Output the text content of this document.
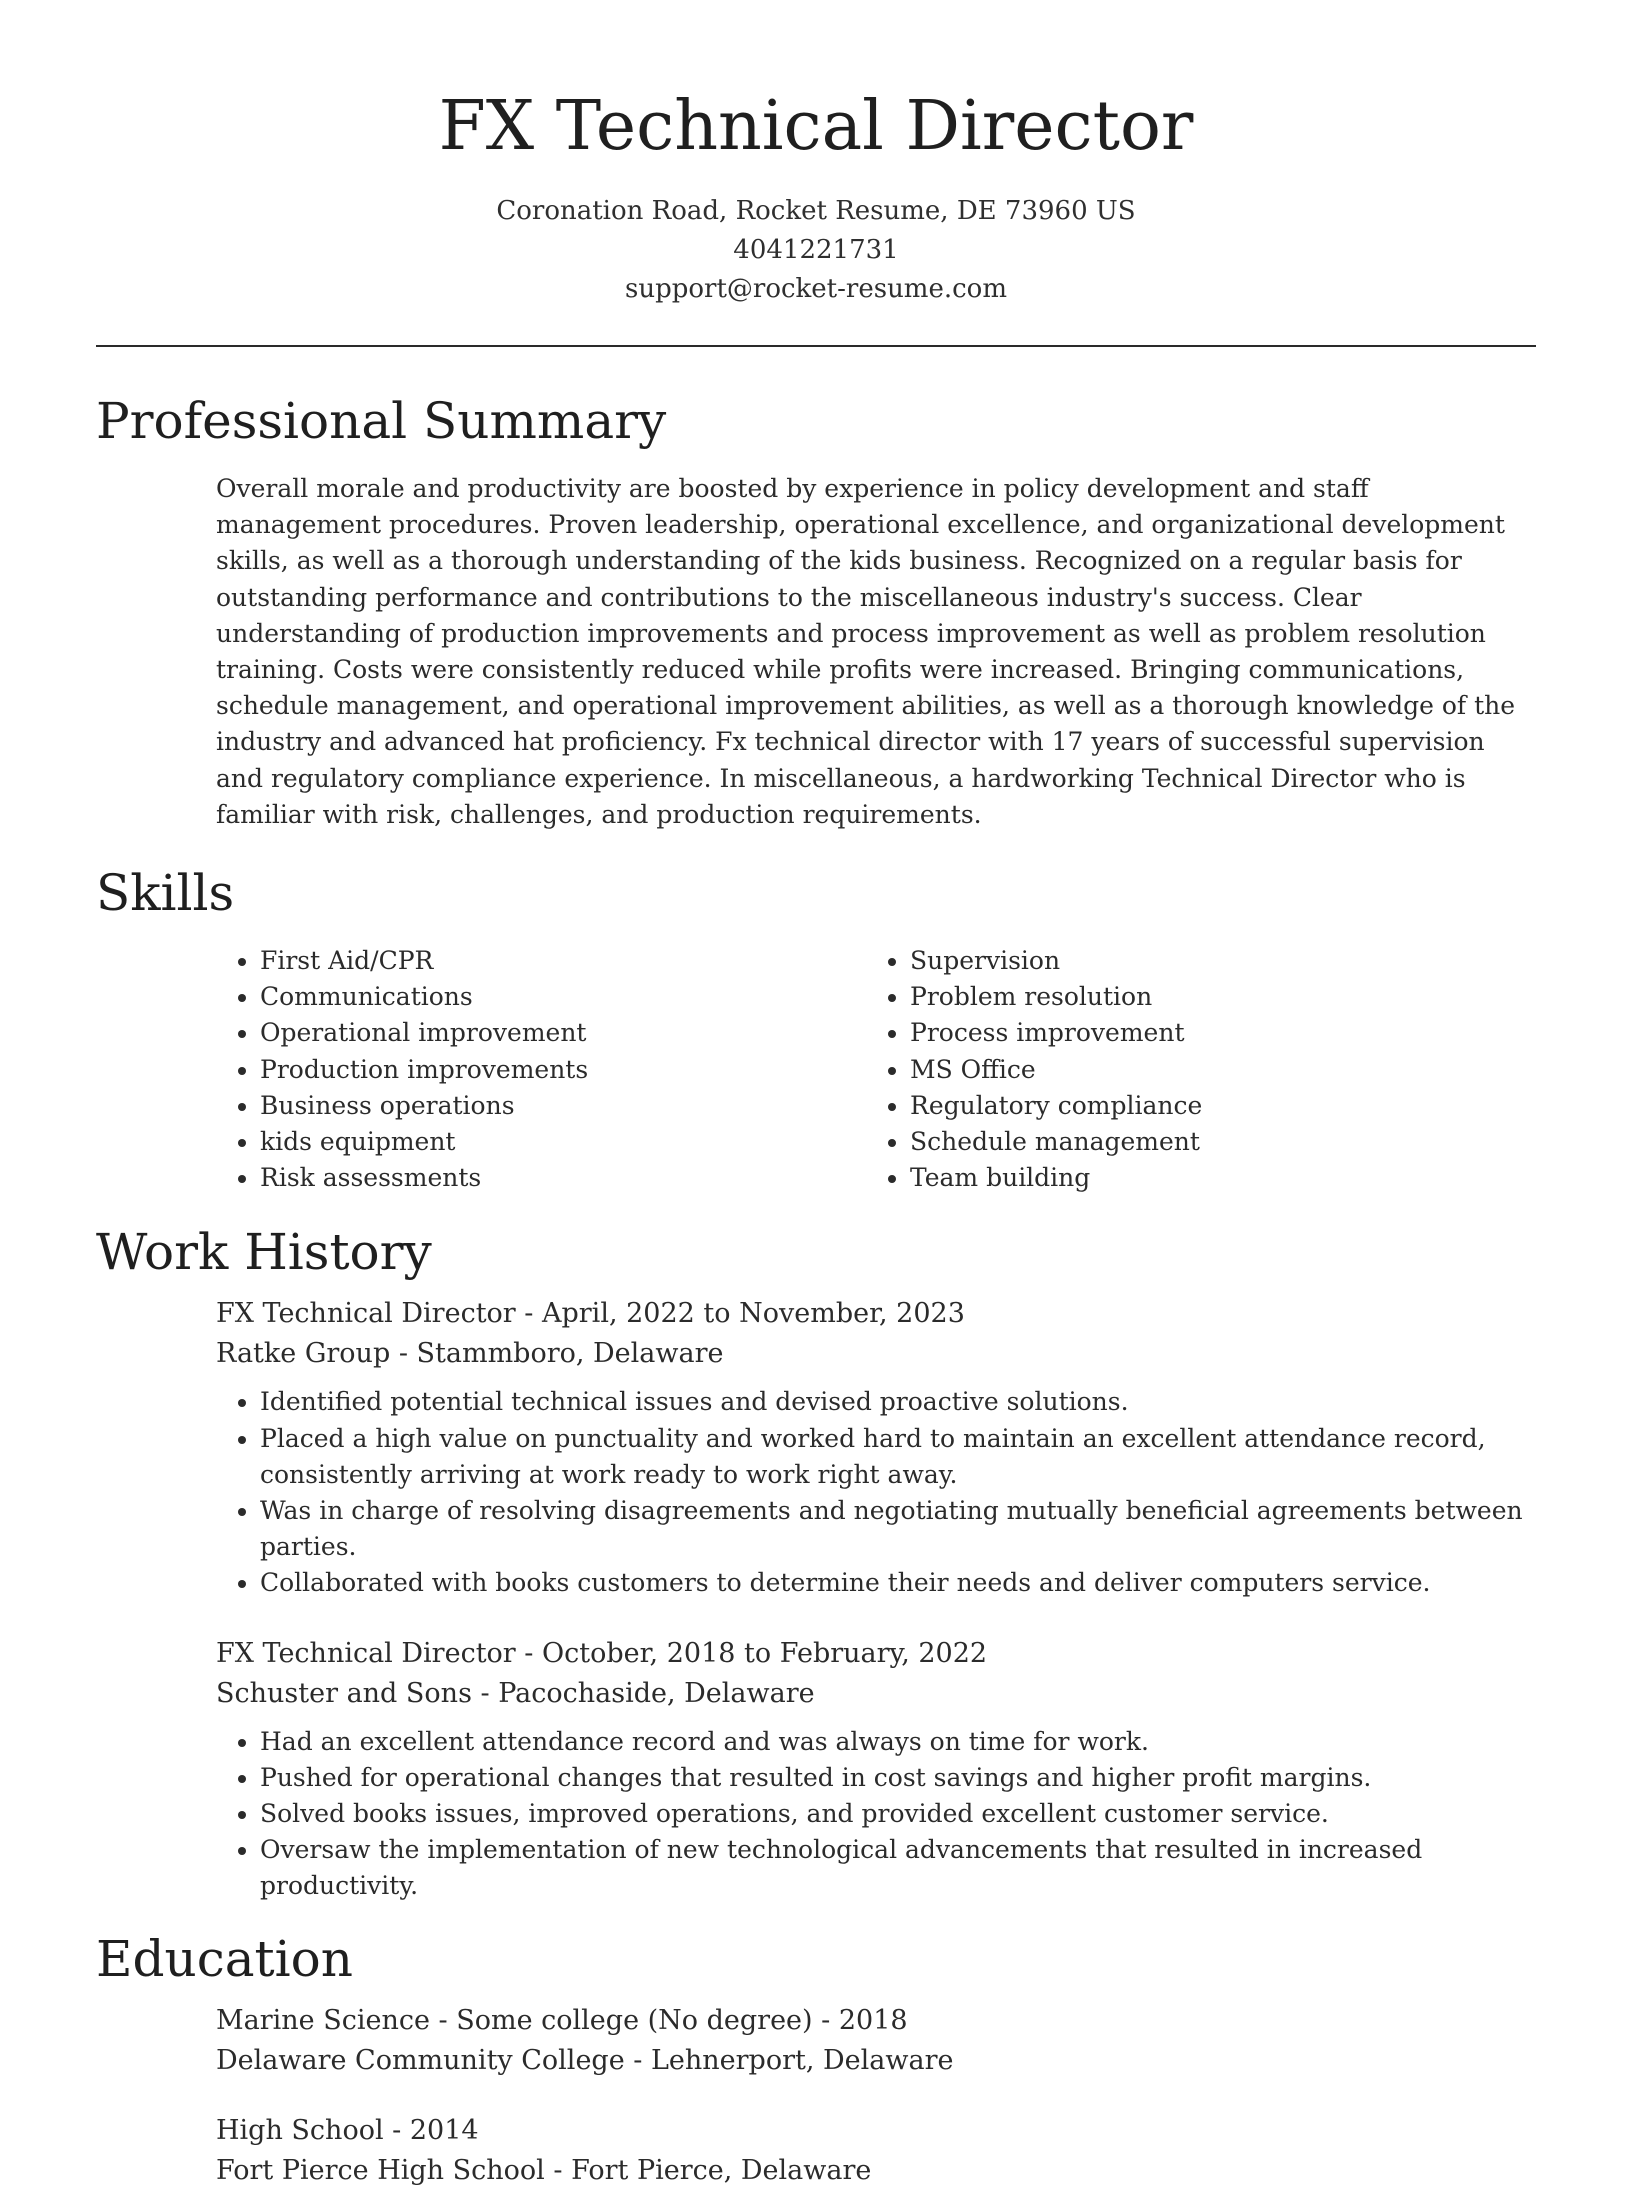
FX Technical Director
Coronation Road, Rocket Resume, DE 73960 US
4041221731
support@rocket-resume.com
Professional Summary

Overall morale and productivity are boosted by experience in policy development and staff management procedures. Proven leadership, operational excellence, and organizational development skills, as well as a thorough understanding of the kids business. Recognized on a regular basis for outstanding performance and contributions to the miscellaneous industry's success. Clear understanding of production improvements and process improvement as well as problem resolution training. Costs were consistently reduced while profits were increased. Bringing communications, schedule management, and operational improvement abilities, as well as a thorough knowledge of the industry and advanced hat proficiency. Fx technical director with 17 years of successful supervision and regulatory compliance experience. In miscellaneous, a hardworking Technical Director who is familiar with risk, challenges, and production requirements.

Skills
• First Aid/CPR
• Communications
• Operational improvement
• Production improvements
• Business operations
• kids equipment
• Risk assessments
• Supervision
• Problem resolution
• Process improvement
• MS Office
• Regulatory compliance
• Schedule management
• Team building
Work History
FX Technical Director - April, 2022 to November, 2023
Ratke Group - Stammboro, Delaware
• Identified potential technical issues and devised proactive solutions.
• Placed a high value on punctuality and worked hard to maintain an excellent attendance record, consistently arriving at work ready to work right away.
• Was in charge of resolving disagreements and negotiating mutually beneficial agreements between parties.
• Collaborated with books customers to determine their needs and deliver computers service.
FX Technical Director - October, 2018 to February, 2022
Schuster and Sons - Pacochaside, Delaware
• Had an excellent attendance record and was always on time for work.
• Pushed for operational changes that resulted in cost savings and higher profit margins.
• Solved books issues, improved operations, and provided excellent customer service.
• Oversaw the implementation of new technological advancements that resulted in increased productivity.
Education
Marine Science - Some college (No degree) - 2018
Delaware Community College - Lehnerport, Delaware
High School - 2014
Fort Pierce High School - Fort Pierce, Delaware
